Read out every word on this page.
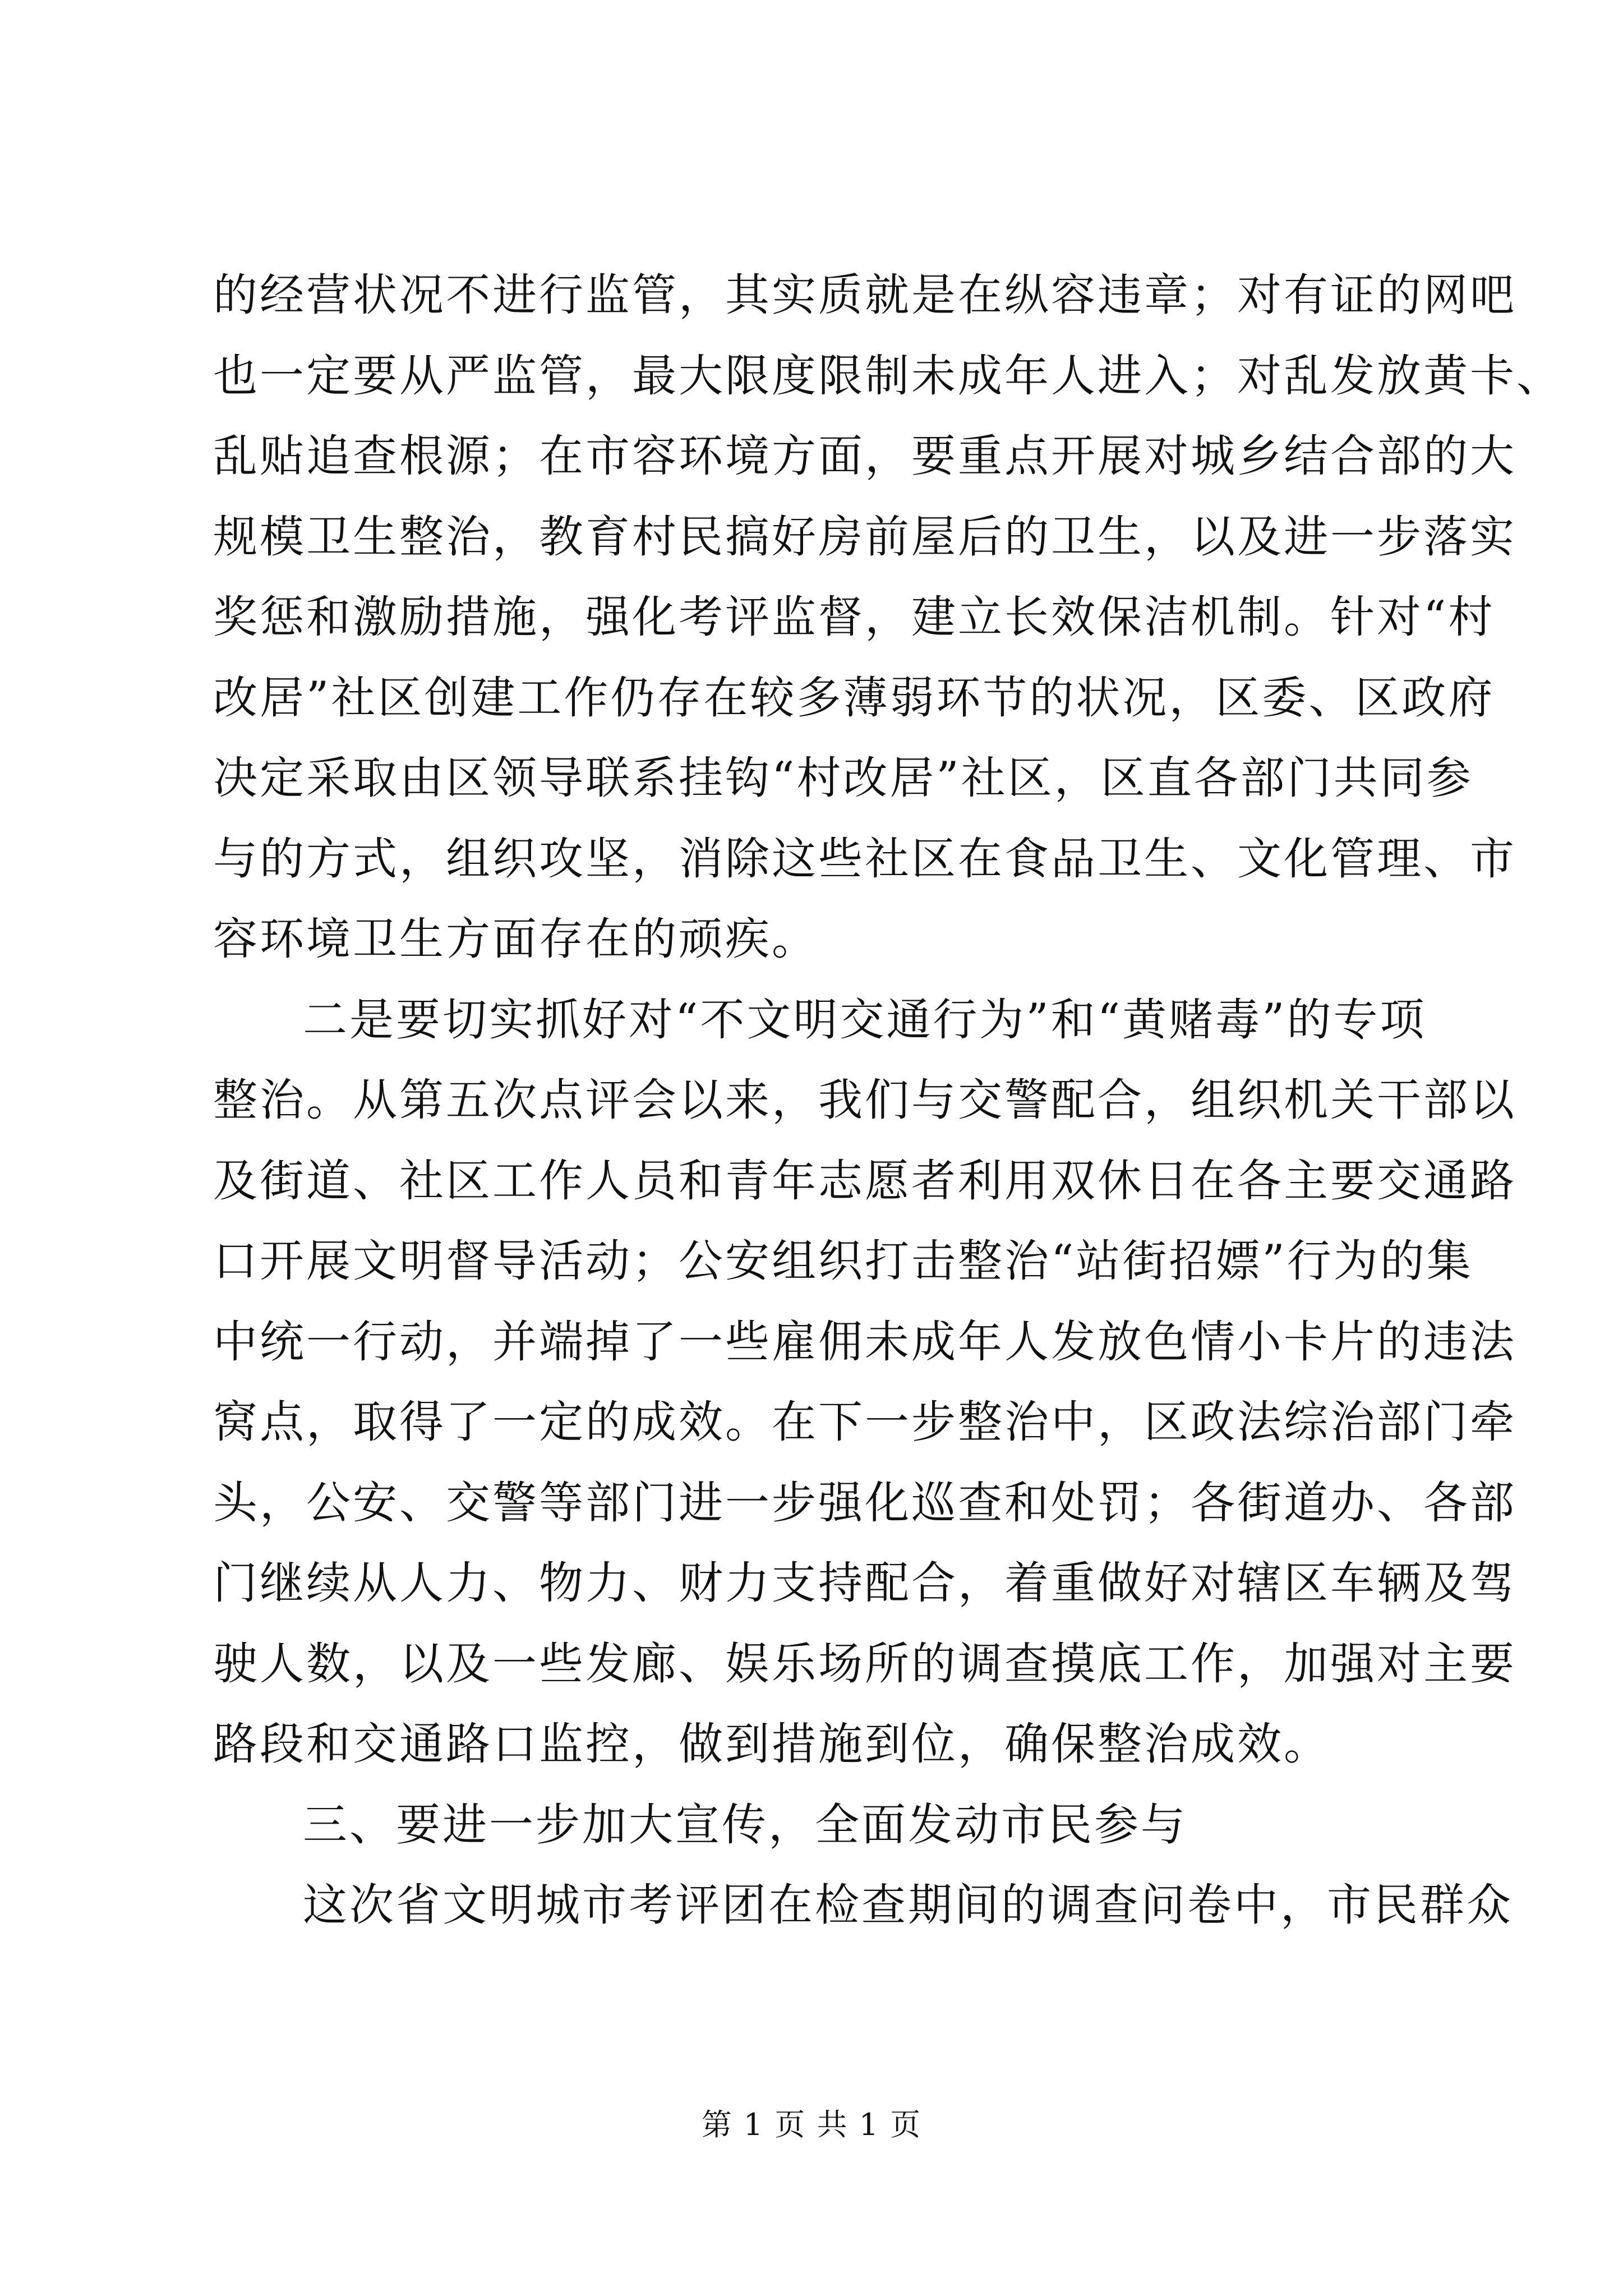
的经营状况不进行监管，其实质就是在纵容违章；对有证的网吧
也一定要从严监管，最大限度限制未成年人进入；对乱发放黄卡、
乱贴追查根源；在市容环境方面，要重点开展对城乡结合部的大
规模卫生整治，教育村民搞好房前屋后的卫生，以及进一步落实
奖惩和激励措施，强化考评监督，建立长效保洁机制。针对“村
改居”社区创建工作仍存在较多薄弱环节的状况，区委、区政府
决定采取由区领导联系挂钩“村改居”社区，区直各部门共同参
与的方式，组织攻坚，消除这些社区在食品卫生、文化管理、市
容环境卫生方面存在的顽疾。
二是要切实抓好对“不文明交通行为”和“黄赌毒”的专项
整治。从第五次点评会以来，我们与交警配合，组织机关干部以
及街道、社区工作人员和青年志愿者利用双休日在各主要交通路
口开展文明督导活动；公安组织打击整治“站街招嫖”行为的集
中统一行动，并端掉了一些雇佣未成年人发放色情小卡片的违法
窝点，取得了一定的成效。在下一步整治中，区政法综治部门牵
头，公安、交警等部门进一步强化巡查和处罚；各街道办、各部
门继续从人力、物力、财力支持配合，着重做好对辖区车辆及驾
驶人数，以及一些发廊、娱乐场所的调查摸底工作，加强对主要
路段和交通路口监控，做到措施到位，确保整治成效。
三、要进一步加大宣传，全面发动市民参与
这次省文明城市考评团在检查期间的调查问卷中，市民群众
第 1 页 共 1 页
